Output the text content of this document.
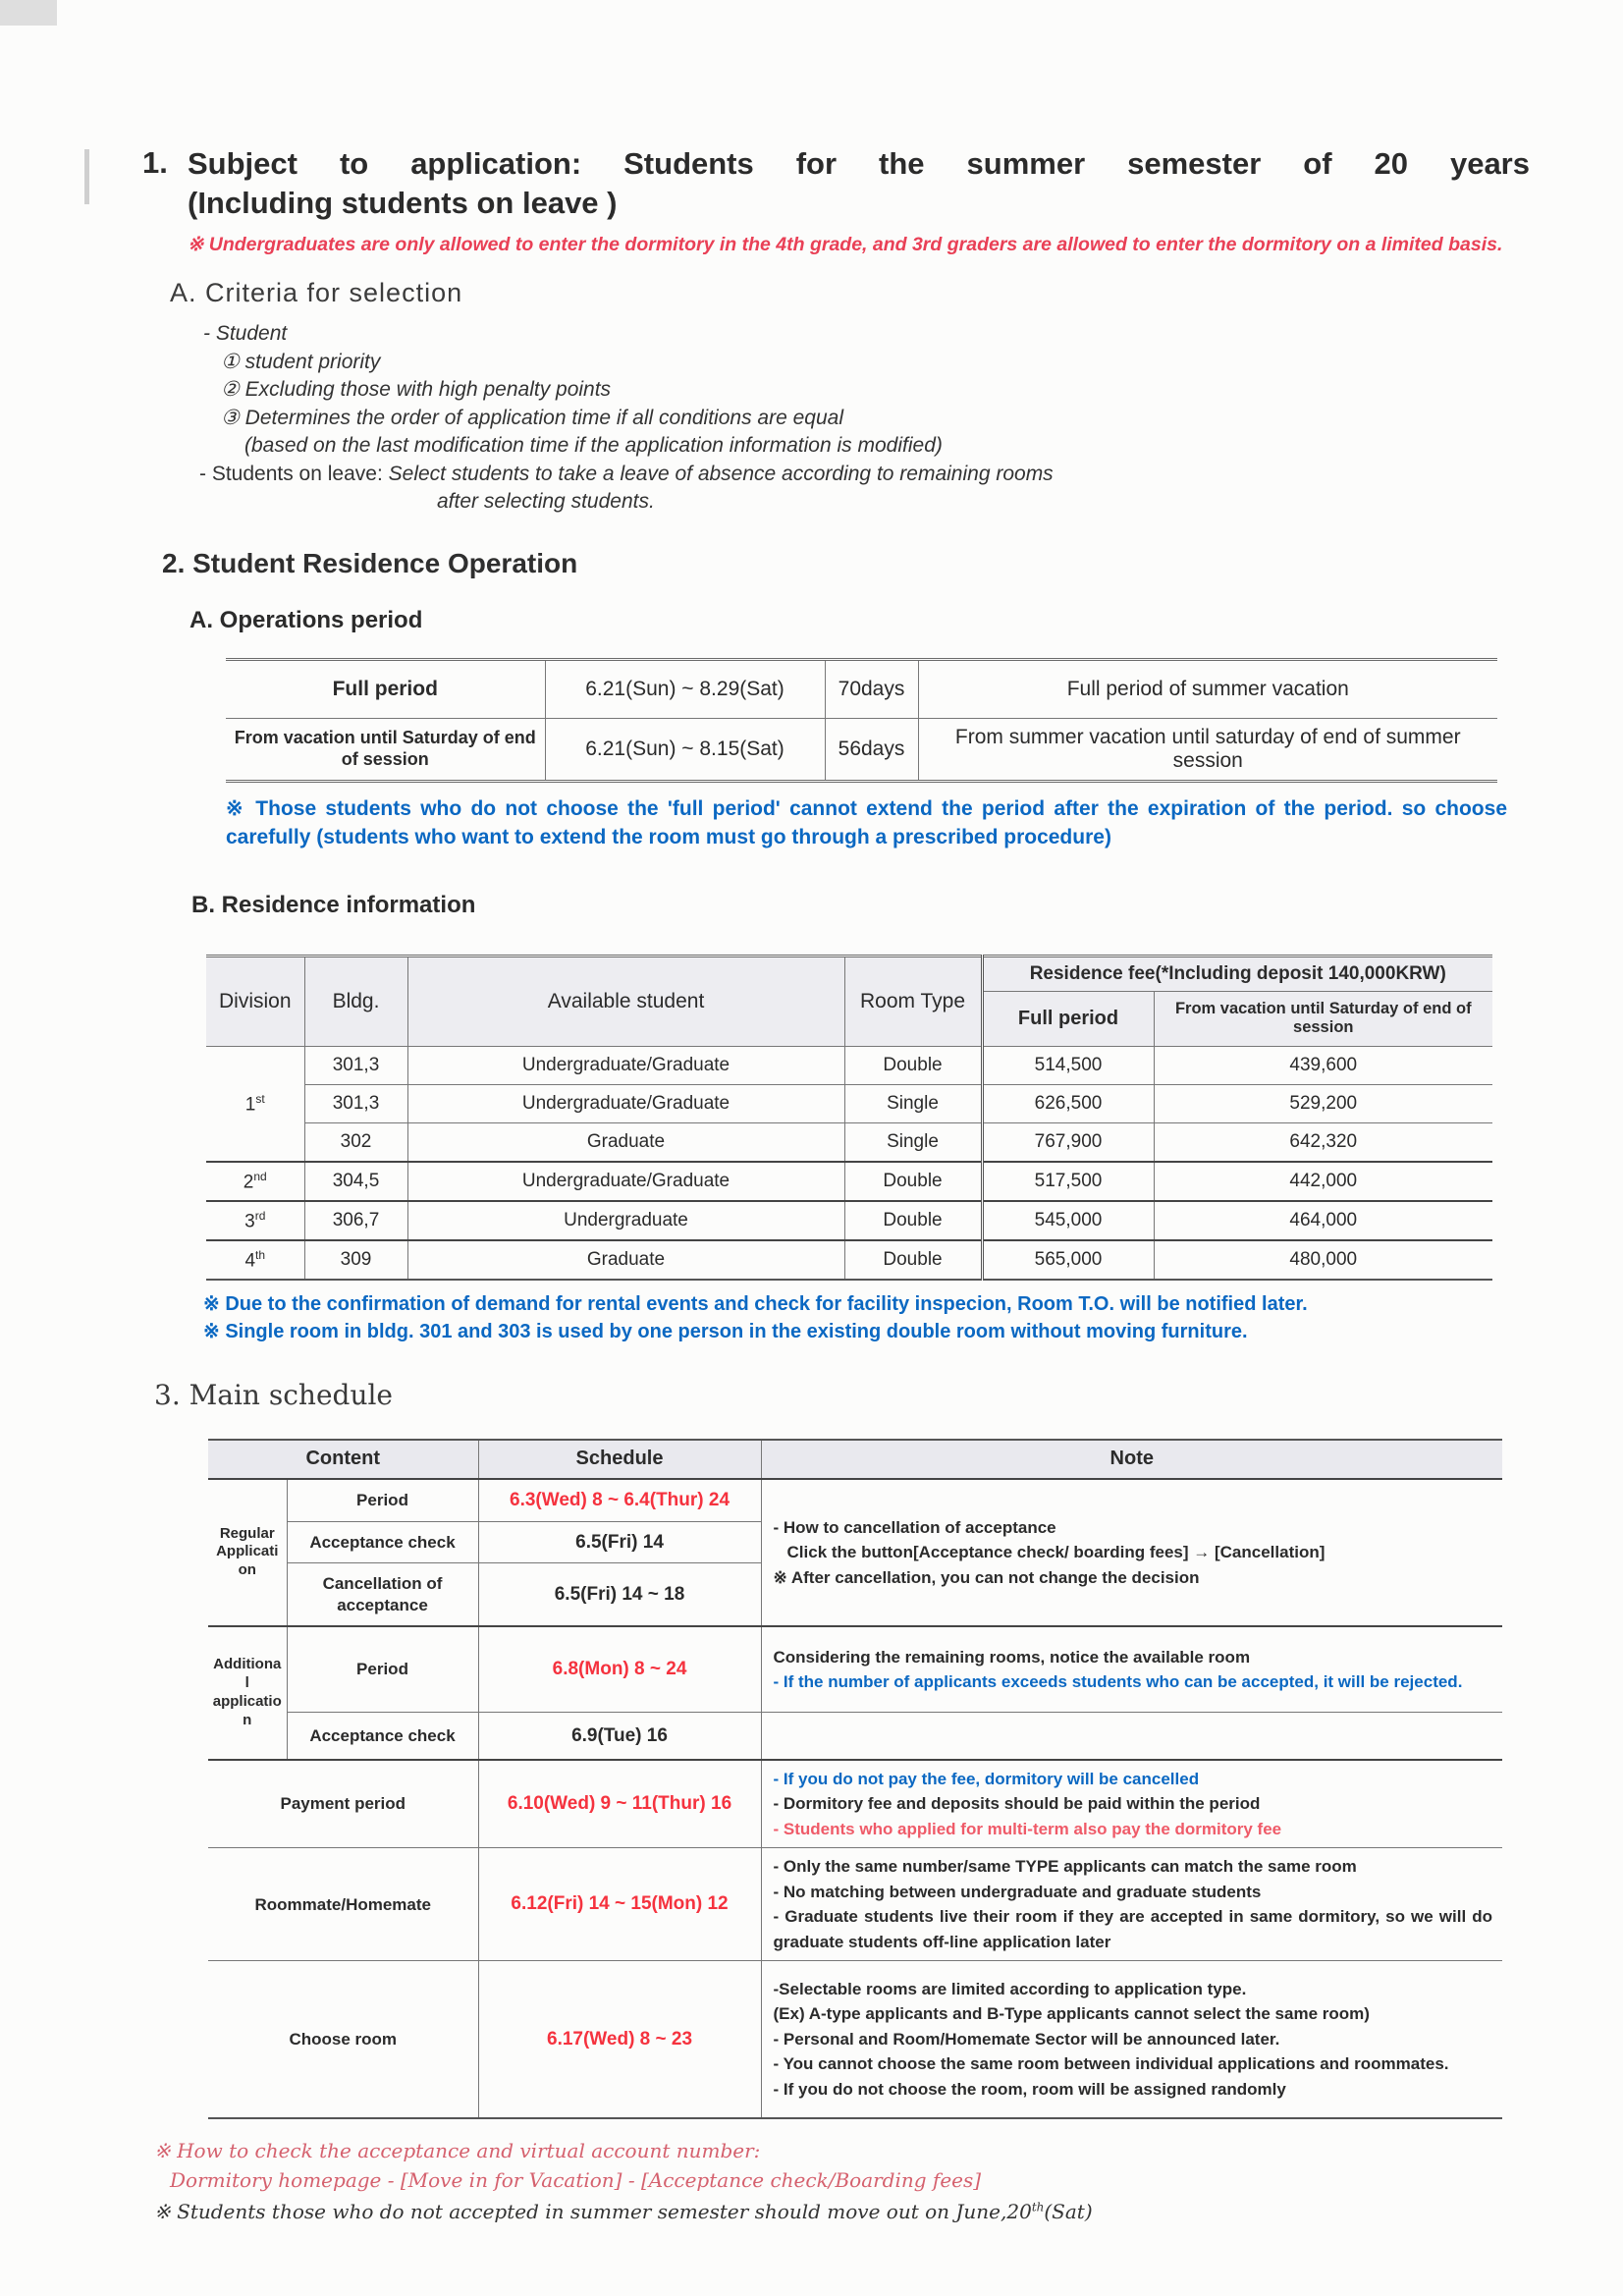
1. Subject to application: Students for the summer semester of 20 years
(Including students on leave )
※ Undergraduates are only allowed to enter the dormitory in the 4th grade, and 3rd graders are allowed to enter the dormitory on a limited basis.
A. Criteria for selection
- Student
① student priority
② Excluding those with high penalty points
③ Determines the order of application time if all conditions are equal
(based on the last modification time if the application information is modified)
- Students on leave: Select students to take a leave of absence according to remaining rooms
after selecting students.
2. Student Residence Operation
A. Operations period
Full period	6.21(Sun) ~ 8.29(Sat)	70days	Full period of summer vacation
From vacation until Saturday of end of session	6.21(Sun) ~ 8.15(Sat)	56days	From summer vacation until saturday of end of summer session
※ Those students who do not choose the 'full period' cannot extend the period after the expiration of the period. so choose carefully (students who want to extend the room must go through a prescribed procedure)
B. Residence information
Division	Bldg.	Available student	Room Type	Residence fee(*Including deposit 140,000KRW)	
				Full period	From vacation until Saturday of end of session
1st	301,3	Undergraduate/Graduate	Double	514,500	439,600
	301,3	Undergraduate/Graduate	Single	626,500	529,200
	302	Graduate	Single	767,900	642,320
2nd	304,5	Undergraduate/Graduate	Double	517,500	442,000
3rd	306,7	Undergraduate	Double	545,000	464,000
4th	309	Graduate	Double	565,000	480,000
※ Due to the confirmation of demand for rental events and check for facility inspecion, Room T.O. will be notified later.
※ Single room in bldg. 301 and 303 is used by one person in the existing double room without moving furniture.
3. Main schedule
Content		Schedule	Note
Regular Application	Period	6.3(Wed) 8 ~ 6.4(Thur) 24	- How to cancellation of acceptance
Click the button[Acceptance check/ boarding fees] → [Cancellation]
※ After cancellation, you can not change the decision

	Acceptance check	6.5(Fri) 14	
	Cancellation of acceptance	6.5(Fri) 14 ~ 18	
Additional application	Period	6.8(Mon) 8 ~ 24	Considering the remaining rooms, notice the available room
- If the number of applicants exceeds students who can be accepted, it will be rejected.

	Acceptance check	6.9(Tue) 16	
Payment period		6.10(Wed) 9 ~ 11(Thur) 16	- If you do not pay the fee, dormitory will be cancelled
- Dormitory fee and deposits should be paid within the period
- Students who applied for multi-term also pay the dormitory fee

Roommate/Homemate		6.12(Fri) 14 ~ 15(Mon) 12	- Only the same number/same TYPE applicants can match the same room
- No matching between undergraduate and graduate students
- Graduate students live their room if they are accepted in same dormitory, so we will do graduate students off-line application later

Choose room		6.17(Wed) 8 ~ 23	-Selectable rooms are limited according to application type.
(Ex) A-type applicants and B-Type applicants cannot select the same room)
- Personal and Room/Homemate Sector will be announced later.
- You cannot choose the same room between individual applications and roommates.
- If you do not choose the room, room will be assigned randomly
※ How to check the acceptance and virtual account number:
Dormitory homepage - [Move in for Vacation] - [Acceptance check/Boarding fees]
※ Students those who do not accepted in summer semester should move out on June,20th(Sat)
